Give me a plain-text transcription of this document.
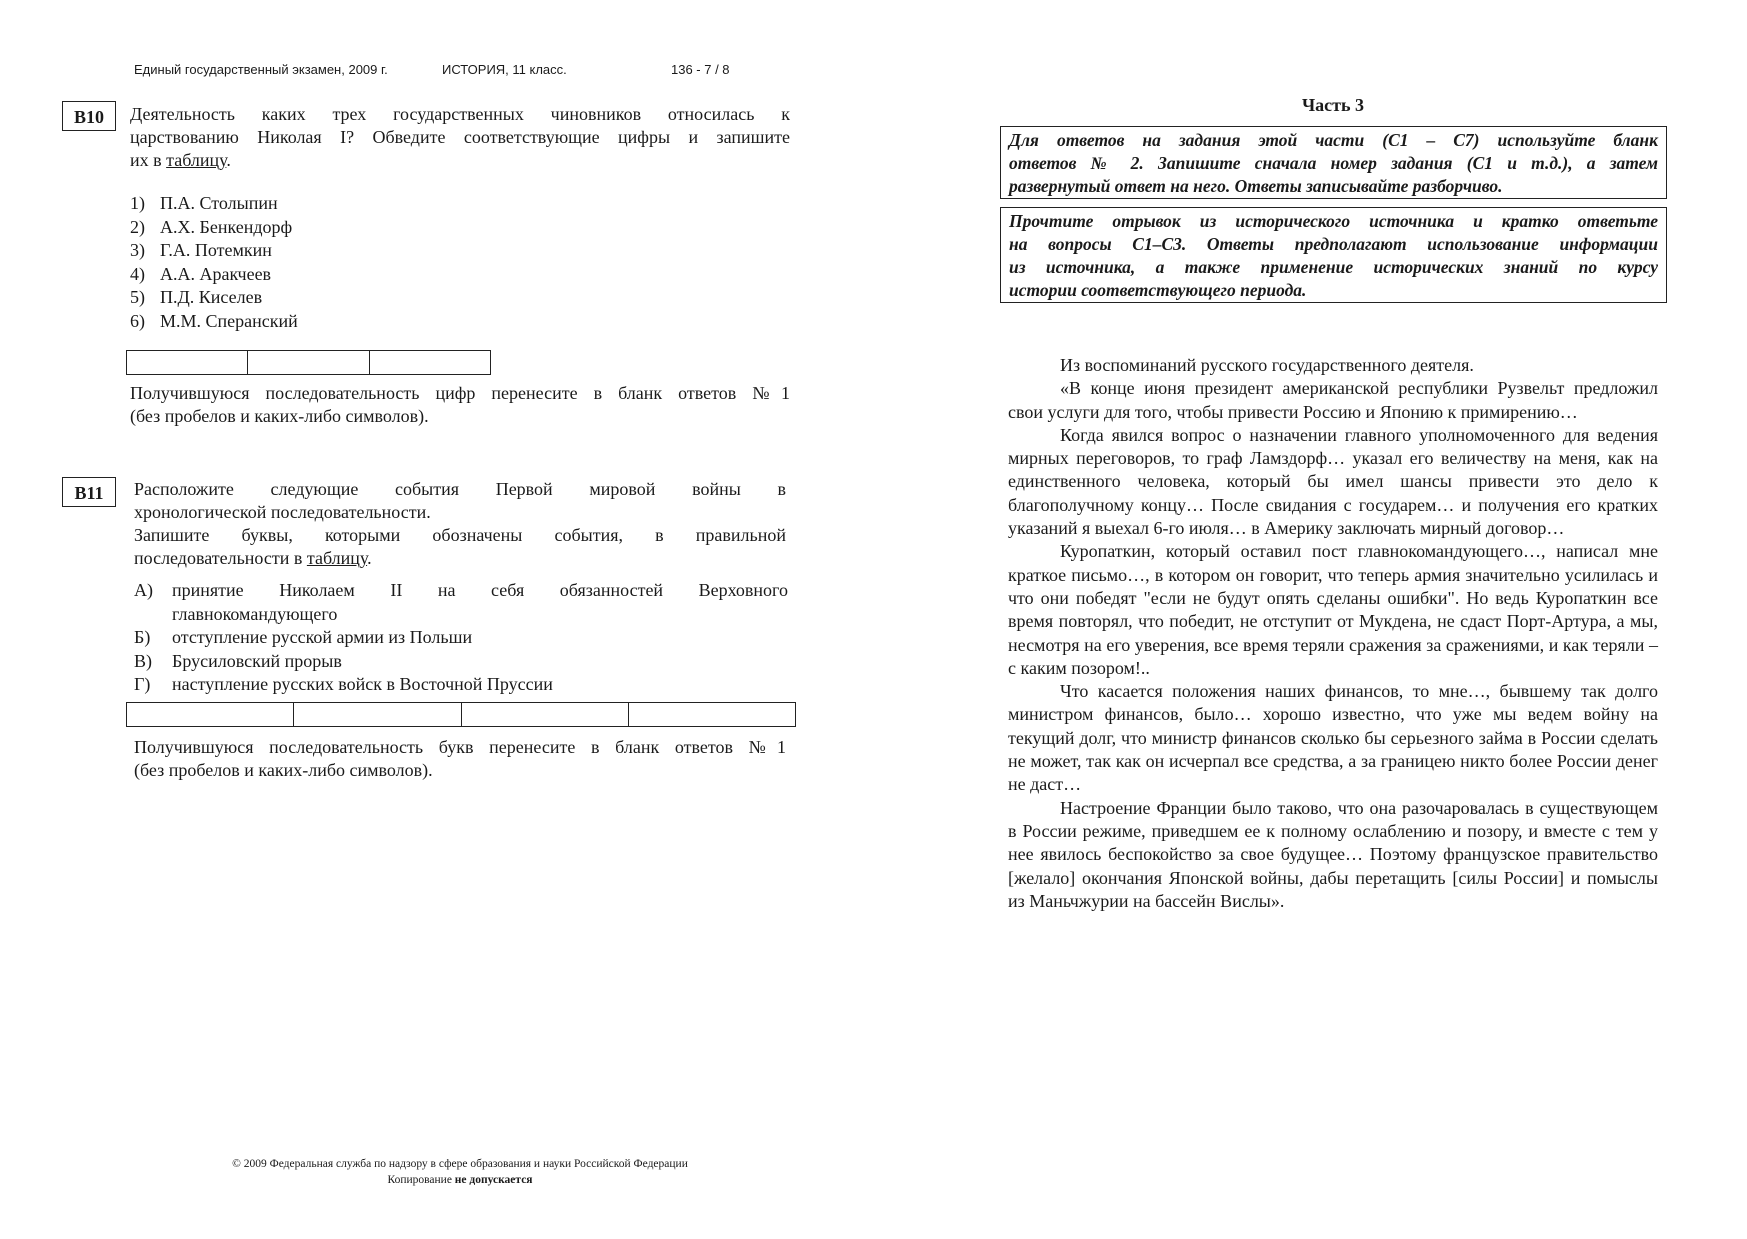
Единый государственный экзамен, 2009 г.	ИСТОРИЯ, 11 класс.	136 - 7 / 8
B10	Деятельность каких трех государственных чиновников относилась к
царствованию Николая I? Обведите соответствующие цифры и запишите
их в таблицу.
1) П.А. Столыпин
2) А.Х. Бенкендорф
3) Г.А. Потемкин
4) А.А. Аракчеев
5) П.Д. Киселев
6) М.М. Сперанский
Получившуюся последовательность цифр перенесите в бланк ответов №1
(без пробелов и каких-либо символов).
B11	Расположите следующие события Первой мировой войны в
хронологической последовательности.
Запишите буквы, которыми обозначены события, в правильной
последовательности в таблицу.
А)	принятие Николаем II на себя обязанностей Верховного
главнокомандующего
Б)	отступление русской армии из Польши
В)	Брусиловский прорыв
Г)	наступление русских войск в Восточной Пруссии
Получившуюся последовательность букв перенесите в бланк ответов №1
(без пробелов и каких-либо символов).
© 2009 Федеральная служба по надзору в сфере образования и науки Российской Федерации
Копирование не допускается
Часть 3
Для ответов на задания этой части (С1 – С7) используйте бланк
ответов № 2. Запишите сначала номер задания (С1 и т.д.), а затем
развернутый ответ на него. Ответы записывайте разборчиво.
Прочтите отрывок из исторического источника и кратко ответьте
на вопросы С1–С3. Ответы предполагают использование информации
из источника, а также применение исторических знаний по курсу
истории соответствующего периода.

Из воспоминаний русского государственного деятеля.

«В конце июня президент американской республики Рузвельт предложил свои услуги для того, чтобы привести Россию и Японию к примирению…

Когда явился вопрос о назначении главного уполномоченного для ведения мирных переговоров, то граф Ламздорф… указал его величеству на меня, как на единственного человека, который бы имел шансы привести это дело к благополучному концу… После свидания с государем… и получения его кратких указаний я выехал 6-го июля… в Америку заключать мирный договор…

Куропаткин, который оставил пост главнокомандующего…, написал мне краткое письмо…, в котором он говорит, что теперь армия значительно усилилась и что они победят "если не будут опять сделаны ошибки". Но ведь Куропаткин все время повторял, что победит, не отступит от Мукдена, не сдаст Порт-Артура, а мы, несмотря на его уверения, все время теряли сражения за сражениями, и как теряли – с каким позором!..

Что касается положения наших финансов, то мне…, бывшему так долго министром финансов, было… хорошо известно, что уже мы ведем войну на текущий долг, что министр финансов сколько бы серьезного займа в России сделать не может, так как он исчерпал все средства, а за границею никто более России денег не даст…

Настроение Франции было таково, что она разочаровалась в существующем в России режиме, приведшем ее к полному ослаблению и позору, и вместе с тем у нее явилось беспокойство за свое будущее… Поэтому французское правительство [желало] окончания Японской войны, дабы перетащить [силы России] и помыслы из Маньчжурии на бассейн Вислы».
